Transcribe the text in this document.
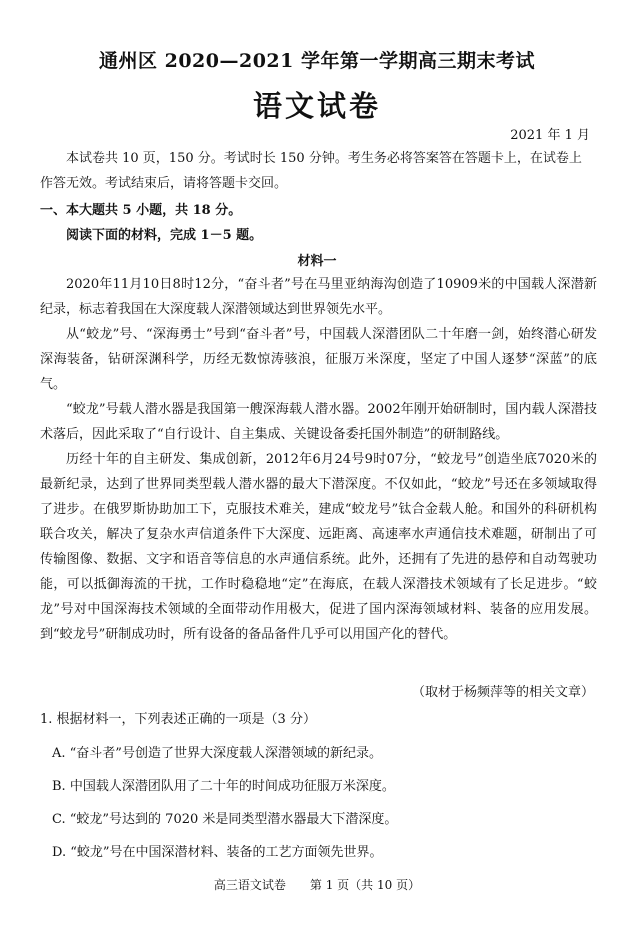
通州区 2020—2021 学年第一学期高三期末考试
语文试卷
2021 年 1 月

本试卷共 10 页，150 分。考试时长 150 分钟。考生务必将答案答在答题卡上，在试卷上

作答无效。考试结束后，请将答题卡交回。

一、本大题共 5 小题，共 18 分。
阅读下面的材料，完成 1－5 题。
材料一

2020年11月10日8时12分，“奋斗者”号在马里亚纳海沟创造了10909米的中国载人深潜新纪录，标志着我国在大深度载人深潜领域达到世界领先水平。

从“蛟龙”号、“深海勇士”号到“奋斗者”号，中国载人深潜团队二十年磨一剑，始终潜心研发深海装备，钻研深渊科学，历经无数惊涛骇浪，征服万米深度，坚定了中国人逐梦“深蓝”的底气。

“蛟龙”号载人潜水器是我国第一艘深海载人潜水器。2002年刚开始研制时，国内载人深潜技术落后，因此采取了“自行设计、自主集成、关键设备委托国外制造”的研制路线。

历经十年的自主研发、集成创新，2012年6月24号9时07分，“蛟龙号”创造坐底7020米的最新纪录，达到了世界同类型载人潜水器的最大下潜深度。不仅如此，“蛟龙”号还在多领域取得了进步。在俄罗斯协助加工下，克服技术难关，建成“蛟龙号”钛合金载人舱。和国外的科研机构联合攻关，解决了复杂水声信道条件下大深度、远距离、高速率水声通信技术难题，研制出了可传输图像、数据、文字和语音等信息的水声通信系统。此外，还拥有了先进的悬停和自动驾驶功能，可以抵御海流的干扰，工作时稳稳地“定”在海底，在载人深潜技术领域有了长足进步。“蛟龙”号对中国深海技术领域的全面带动作用极大，促进了国内深海领域材料、装备的应用发展。到“蛟龙号”研制成功时，所有设备的备品备件几乎可以用国产化的替代。

（取材于杨频萍等的相关文章）
1. 根据材料一，下列表述正确的一项是（3 分）
A. “奋斗者”号创造了世界大深度载人深潜领域的新纪录。
B. 中国载人深潜团队用了二十年的时间成功征服万米深度。
C. “蛟龙”号达到的 7020 米是同类型潜水器最大下潜深度。
D. “蛟龙”号在中国深潜材料、装备的工艺方面领先世界。
高三语文试卷　　第 1 页（共 10 页）
